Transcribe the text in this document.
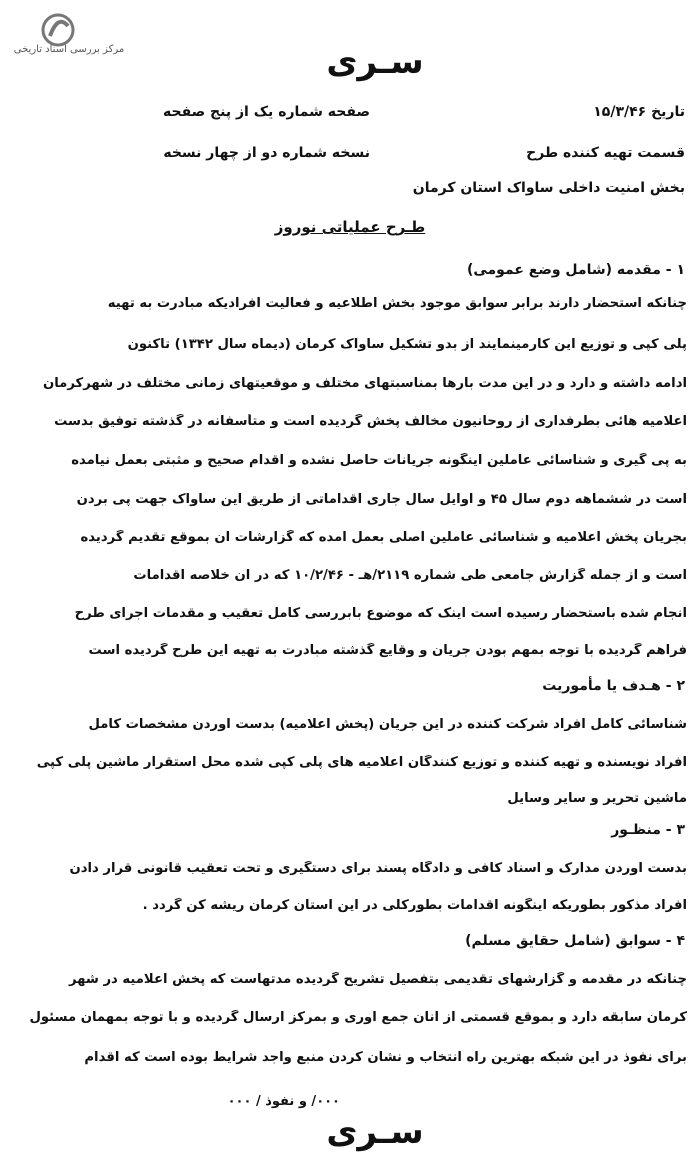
مرکز بررسی اسناد تاریخی	سـری
تاریخ ۱۵/۳/۴۶
صفحه شماره یک از پنج صفحه
قسمت تهیه کننده طرح
نسخه شماره دو از چهار نسخه
بخش امنیت داخلی ساواک استان کرمان
طـرح عملیاتی نوروز
۱ - مقدمه (شامل وضع عمومی)
چنانکه استحضار دارند برابر سوابق موجود بخش اطلاعیه و فعالیت افرادیکه مبادرت به تهیه
پلی کپی و توزیع این کارمینمایند از بدو تشکیل ساواک کرمان (دیماه سال ۱۳۴۲) تاکنون
ادامه داشته و دارد و در این مدت بارها بمناسبتهای مختلف و موقعیتهای زمانی مختلف در شهرکرمان
اعلامیه هائی بطرفداری از روحانیون مخالف پخش گردیده است و متأسفانه در گذشته توفیق بدست
به پی گیری و شناسائی عاملین اینگونه جریانات حاصل نشده و اقدام صحیح و مثبتی بعمل نیامده
است در ششماهه دوم سال ۴۵ و اوایل سال جاری اقداماتی از طریق این ساواک جهت پی بردن
بجریان پخش اعلامیه و شناسائی عاملین اصلی بعمل آمده که گزارشات آن بموقع تقدیم گردیده
است و از جمله گزارش جامعی طی شماره ۲۱۱۹/هـ - ۱۰/۲/۴۶ که در آن خلاصه اقدامات
انجام شده باستحضار رسیده است اینک که موضوع بابررسی کامل تعقیب و مقدمات اجرای طرح
فراهم گردیده با توجه بمهم بودن جریان و وقایع گذشته مبادرت به تهیه این طرح گردیده است
۲ - هـدف یا مأموریت
شناسائی کامل افراد شرکت کننده در این جریان (پخش اعلامیه) بدست آوردن مشخصات کامل
افراد نویسنده و تهیه کننده و توزیع کنندگان اعلامیه های پلی کپی شده محل استقرار ماشین پلی کپی
ماشین تحریر و سایر وسایل
۳ - منظـور
بدست آوردن مدارک و اسناد کافی و دادگاه پسند برای دستگیری و تحت تعقیب قانونی قرار دادن
افراد مذکور بطوریکه اینگونه اقدامات بطورکلی در این استان کرمان ریشه کن گردد .
۴ - سوابق (شامل حقایق مسلم)
چنانکه در مقدمه و گزارشهای تقدیمی بتفصیل تشریح گردیده مدتهاست که پخش اعلامیه در شهر
کرمان سابقه دارد و بموقع قسمتی از آنان جمع آوری و بمرکز ارسال گردیده و با توجه بمهمان مسئول
برای نفوذ در این شبکه بهترین راه انتخاب و نشان کردن منبع واجد شرایط بوده است که اقدام
۰۰۰/ و نفوذ / ۰۰۰
سـری
